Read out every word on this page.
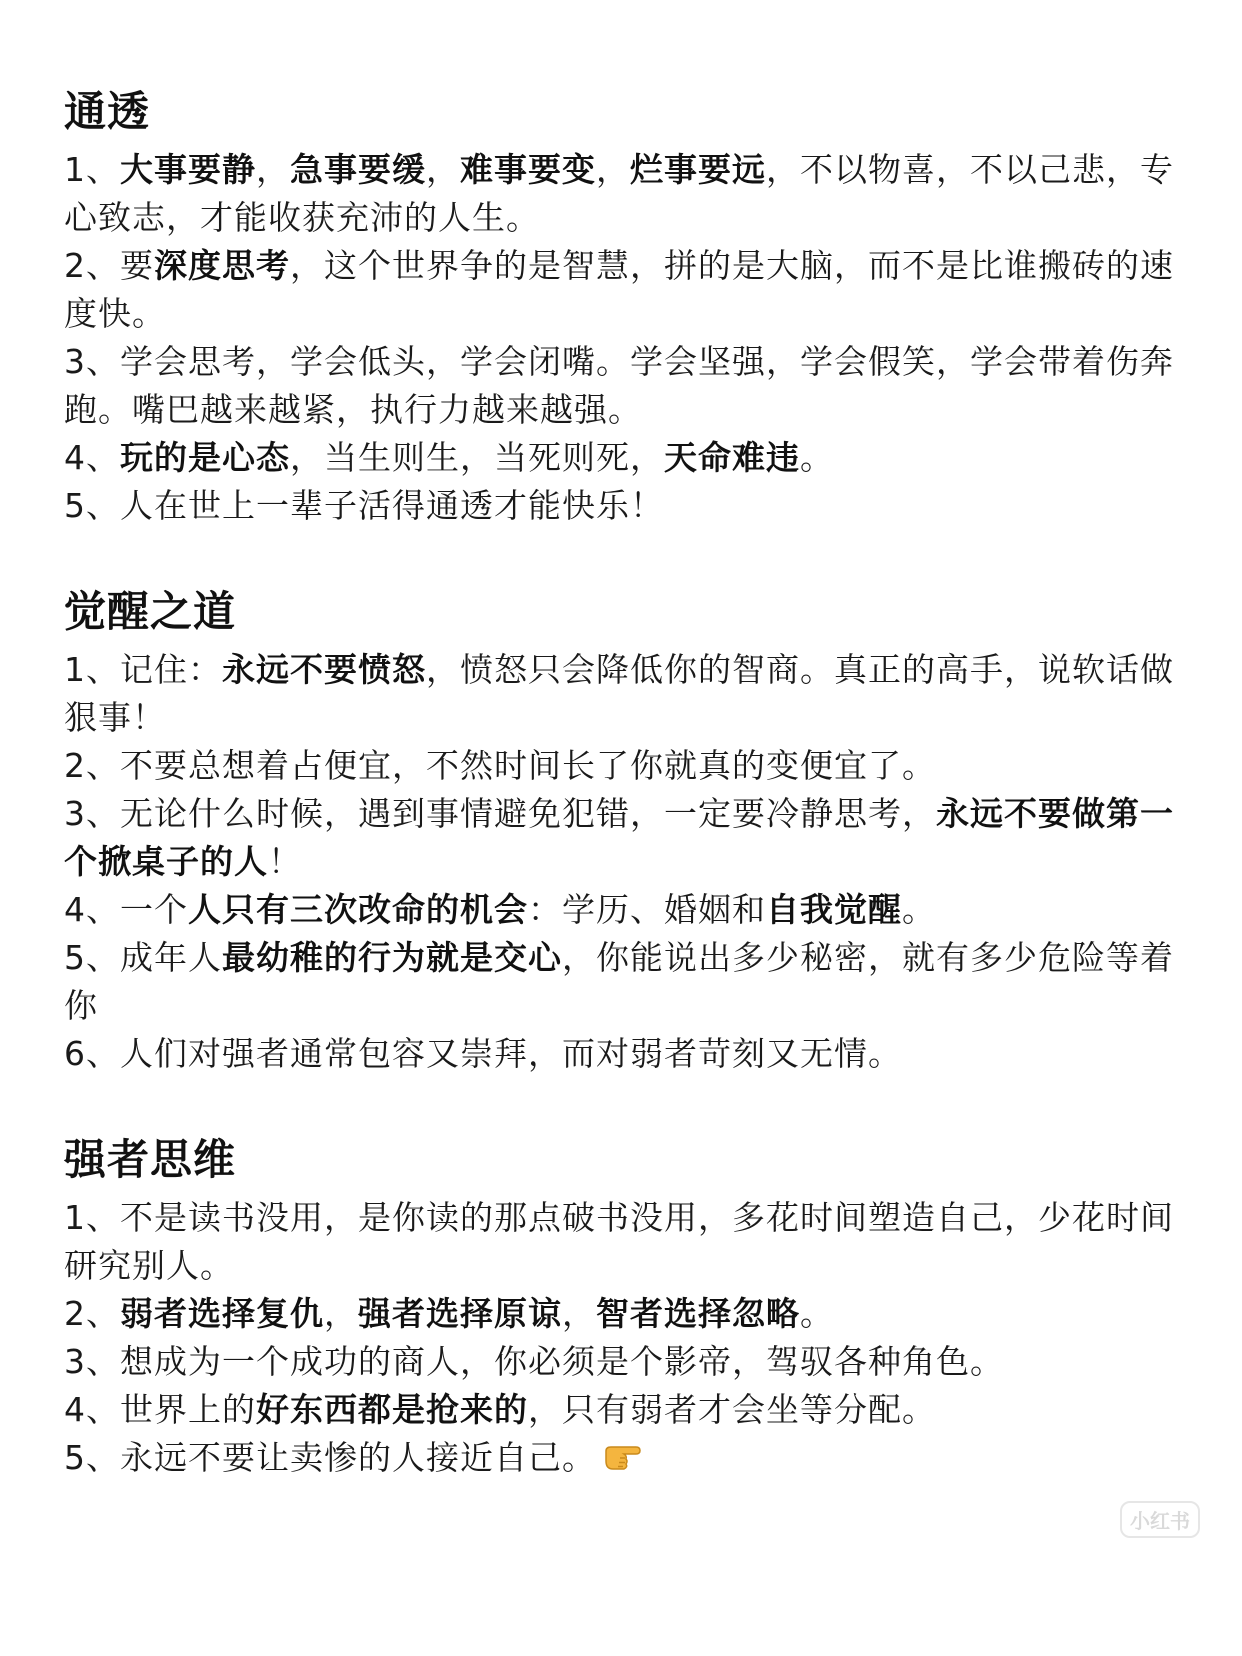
通透

1、大事要静，急事要缓，难事要变，烂事要远，不以物喜，不以己悲，专心致志，才能收获充沛的人生。

2、要深度思考，这个世界争的是智慧，拼的是大脑，而不是比谁搬砖的速度快。

3、学会思考，学会低头，学会闭嘴。学会坚强，学会假笑，学会带着伤奔跑。嘴巴越来越紧，执行力越来越强。

4、玩的是心态，当生则生，当死则死，天命难违。

5、人在世上一辈子活得通透才能快乐！

觉醒之道

1、记住：永远不要愤怒，愤怒只会降低你的智商。真正的高手，说软话做狠事！

2、不要总想着占便宜，不然时间长了你就真的变便宜了。

3、无论什么时候，遇到事情避免犯错，一定要冷静思考，永远不要做第一个掀桌子的人！

4、一个人只有三次改命的机会：学历、婚姻和自我觉醒。

5、成年人最幼稚的行为就是交心，你能说出多少秘密，就有多少危险等着你

6、人们对强者通常包容又崇拜，而对弱者苛刻又无情。

强者思维

1、不是读书没用，是你读的那点破书没用，多花时间塑造自己，少花时间研究别人。

2、弱者选择复仇，强者选择原谅，智者选择忽略。

3、想成为一个成功的商人，你必须是个影帝，驾驭各种角色。

4、世界上的好东西都是抢来的，只有弱者才会坐等分配。

5、永远不要让卖惨的人接近自己。

小红书
